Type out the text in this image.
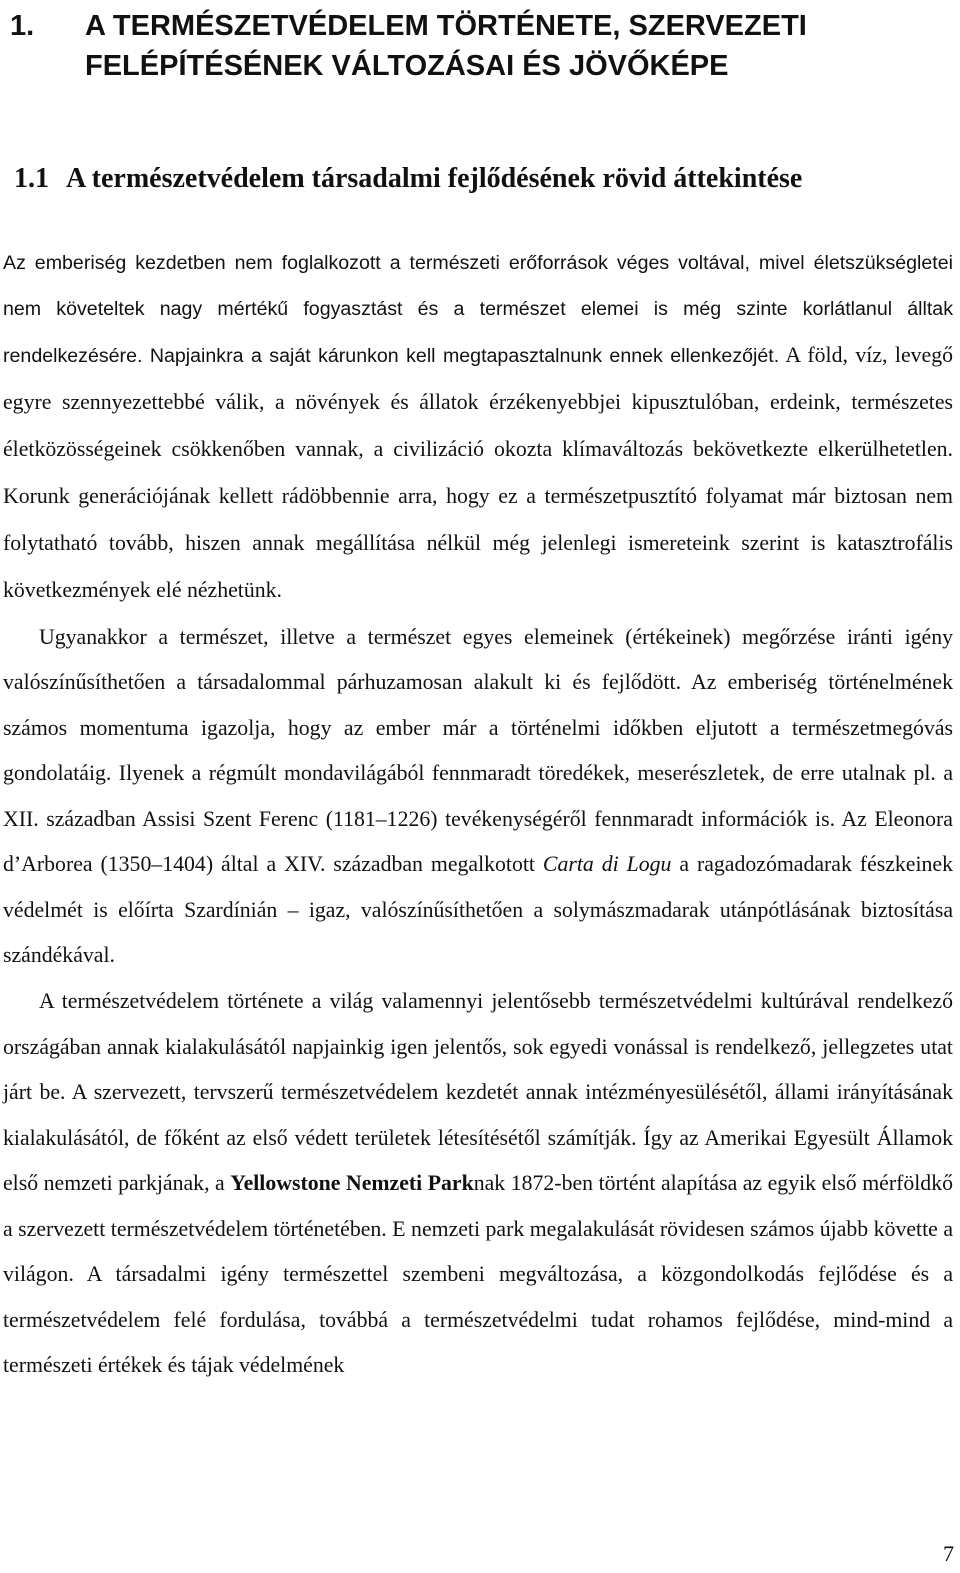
1. A TERMÉSZETVÉDELEM TÖRTÉNETE, SZERVEZETI
FELÉPÍTÉSÉNEK VÁLTOZÁSAI ÉS JÖVŐKÉPE
1.1 A természetvédelem társadalmi fejlődésének rövid áttekintése

Az emberiség kezdetben nem foglalkozott a természeti erőforrások véges voltával, mivel életszükségletei nem követeltek nagy mértékű fogyasztást és a természet elemei is még szinte korlátlanul álltak rendelkezésére. Napjainkra a saját kárunkon kell megtapasztalnunk ennek ellenkezőjét. A föld, víz, levegő egyre szennyezettebbé válik, a növények és állatok érzékenyebbjei kipusztulóban, erdeink, természetes életközösségeinek csökkenőben vannak, a civilizáció okozta klímaváltozás bekövetkezte elkerülhetetlen. Korunk generációjának kellett rádöbbennie arra, hogy ez a természetpusztító folyamat már biztosan nem folytatható tovább, hiszen annak megállítása nélkül még jelenlegi ismereteink szerint is katasztrofális következmények elé nézhetünk.

Ugyanakkor a természet, illetve a természet egyes elemeinek (értékeinek) megőrzése iránti igény valószínűsíthetően a társadalommal párhuzamosan alakult ki és fejlődött. Az emberiség történelmének számos momentuma igazolja, hogy az ember már a történelmi időkben eljutott a természetmegóvás gondolatáig. Ilyenek a régmúlt mondavilágából fennmaradt töredékek, meserészletek, de erre utalnak pl. a XII. században Assisi Szent Ferenc (1181–1226) tevékenységéről fennmaradt információk is. Az Eleonora d’Arborea (1350–1404) által a XIV. században megalkotott Carta di Logu a ragadozómadarak fészkeinek védelmét is előírta Szardínián – igaz, valószínűsíthetően a solymászmadarak utánpótlásának biztosítása szándékával.

A természetvédelem története a világ valamennyi jelentősebb természetvédelmi kultúrával rendelkező országában annak kialakulásától napjainkig igen jelentős, sok egyedi vonással is rendelkező, jellegzetes utat járt be. A szervezett, tervszerű természetvédelem kezdetét annak intézményesülésétől, állami irányításának kialakulásától, de főként az első védett területek létesítésétől számítják. Így az Amerikai Egyesült Államok első nemzeti parkjának, a Yellowstone Nemzeti Parknak 1872-ben történt alapítása az egyik első mérföldkő a szervezett természetvédelem történetében. E nemzeti park megalakulását rövidesen számos újabb követte a világon. A társadalmi igény természettel szembeni megváltozása, a közgondolkodás fejlődése és a természetvédelem felé fordulása, továbbá a természetvédelmi tudat rohamos fejlődése, mind-mind a természeti értékek és tájak védelmének

7
